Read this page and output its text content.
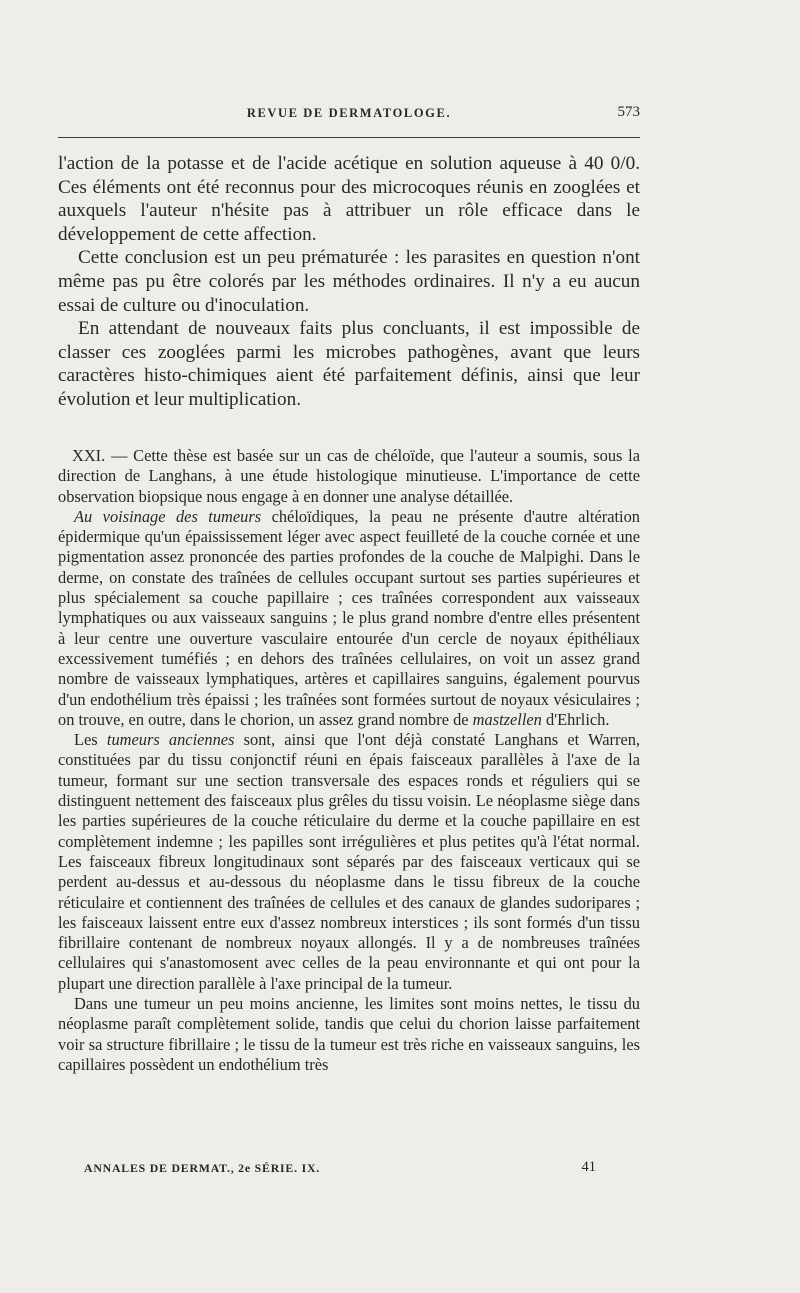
REVUE DE DERMATOLOGE.	573

l'action de la potasse et de l'acide acétique en solution aqueuse à 40 0/0. Ces éléments ont été reconnus pour des microcoques réunis en zooglées et auxquels l'auteur n'hésite pas à attribuer un rôle efficace dans le développement de cette affection.

Cette conclusion est un peu prématurée : les parasites en question n'ont même pas pu être colorés par les méthodes ordinaires. Il n'y a eu aucun essai de culture ou d'inoculation.

En attendant de nouveaux faits plus concluants, il est impossible de classer ces zooglées parmi les microbes pathogènes, avant que leurs caractères histo-chimiques aient été parfaitement définis, ainsi que leur évolution et leur multiplication.

XXI. — Cette thèse est basée sur un cas de chéloïde, que l'auteur a soumis, sous la direction de Langhans, à une étude histologique minutieuse. L'importance de cette observation biopsique nous engage à en donner une analyse détaillée.

Au voisinage des tumeurs chéloïdiques, la peau ne présente d'autre altération épidermique qu'un épaississement léger avec aspect feuilleté de la couche cornée et une pigmentation assez prononcée des parties profondes de la couche de Malpighi. Dans le derme, on constate des traînées de cellules occupant surtout ses parties supérieures et plus spécialement sa couche papillaire ; ces traînées correspondent aux vaisseaux lymphatiques ou aux vaisseaux sanguins ; le plus grand nombre d'entre elles présentent à leur centre une ouverture vasculaire entourée d'un cercle de noyaux épithéliaux excessivement tuméfiés ; en dehors des traînées cellulaires, on voit un assez grand nombre de vaisseaux lymphatiques, artères et capillaires sanguins, également pourvus d'un endothélium très épaissi ; les traînées sont formées surtout de noyaux vésiculaires ; on trouve, en outre, dans le chorion, un assez grand nombre de mastzellen d'Ehrlich.

Les tumeurs anciennes sont, ainsi que l'ont déjà constaté Langhans et Warren, constituées par du tissu conjonctif réuni en épais faisceaux parallèles à l'axe de la tumeur, formant sur une section transversale des espaces ronds et réguliers qui se distinguent nettement des faisceaux plus grêles du tissu voisin. Le néoplasme siège dans les parties supérieures de la couche réticulaire du derme et la couche papillaire en est complètement indemne ; les papilles sont irrégulières et plus petites qu'à l'état normal. Les faisceaux fibreux longitudinaux sont séparés par des faisceaux verticaux qui se perdent au-dessus et au-dessous du néoplasme dans le tissu fibreux de la couche réticulaire et contiennent des traînées de cellules et des canaux de glandes sudoripares ; les faisceaux laissent entre eux d'assez nombreux interstices ; ils sont formés d'un tissu fibrillaire contenant de nombreux noyaux allongés. Il y a de nombreuses traînées cellulaires qui s'anastomosent avec celles de la peau environnante et qui ont pour la plupart une direction parallèle à l'axe principal de la tumeur.

Dans une tumeur un peu moins ancienne, les limites sont moins nettes, le tissu du néoplasme paraît complètement solide, tandis que celui du chorion laisse parfaitement voir sa structure fibrillaire ; le tissu de la tumeur est très riche en vaisseaux sanguins, les capillaires possèdent un endothélium très

ANNALES DE DERMAT., 2e SÉRIE. IX.	41
